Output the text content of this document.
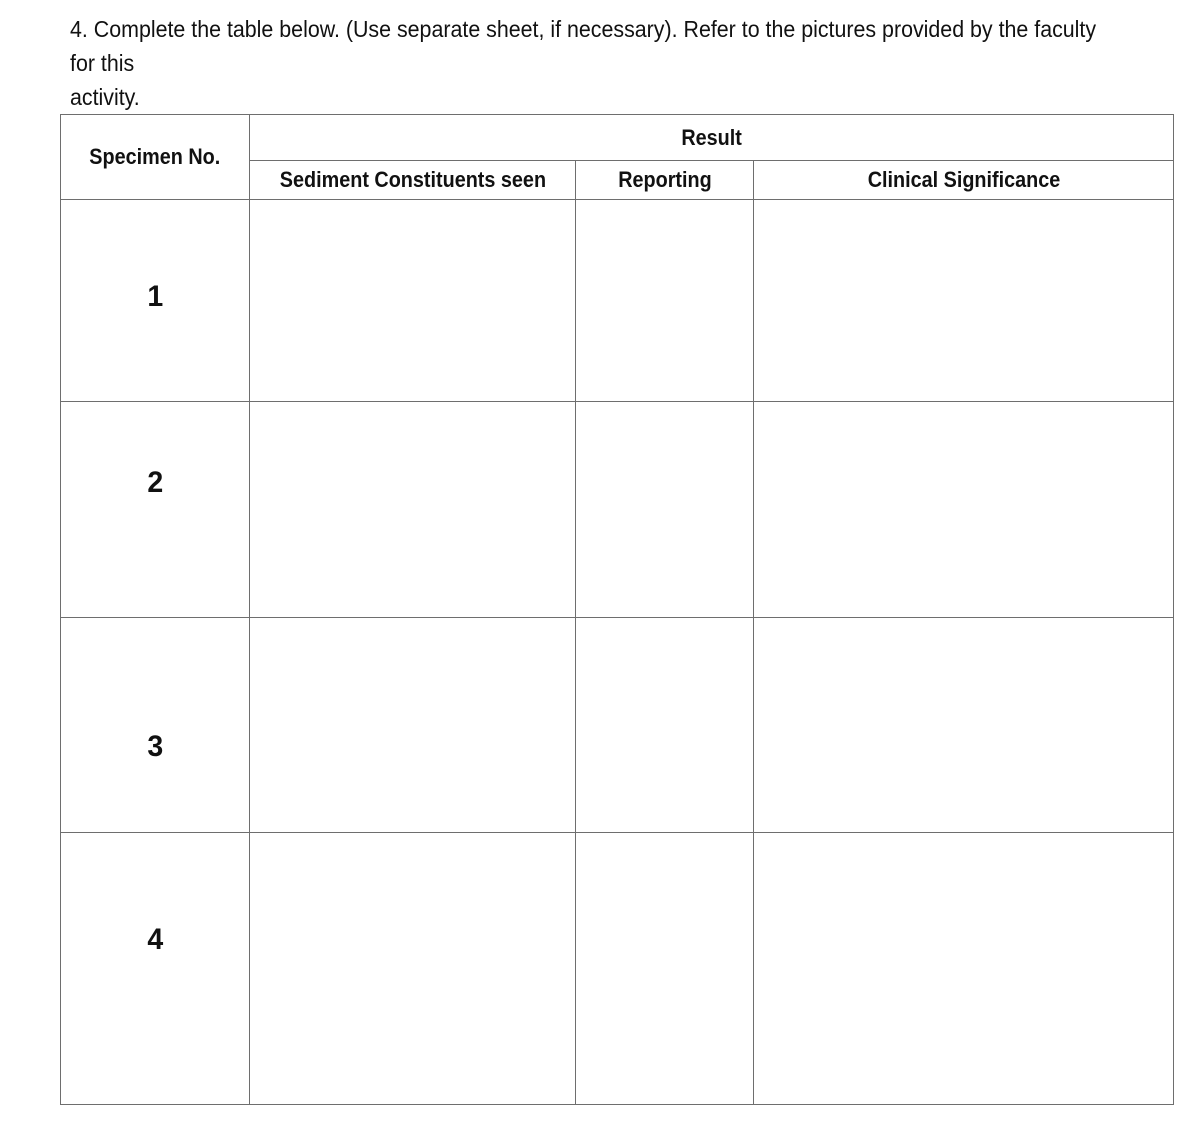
4. Complete the table below. (Use separate sheet, if necessary). Refer to the pictures provided by the faculty for this
activity.
Specimen No.	Result		
	Sediment Constituents seen	Reporting	Clinical Significance
1			
2			
3			
4			
